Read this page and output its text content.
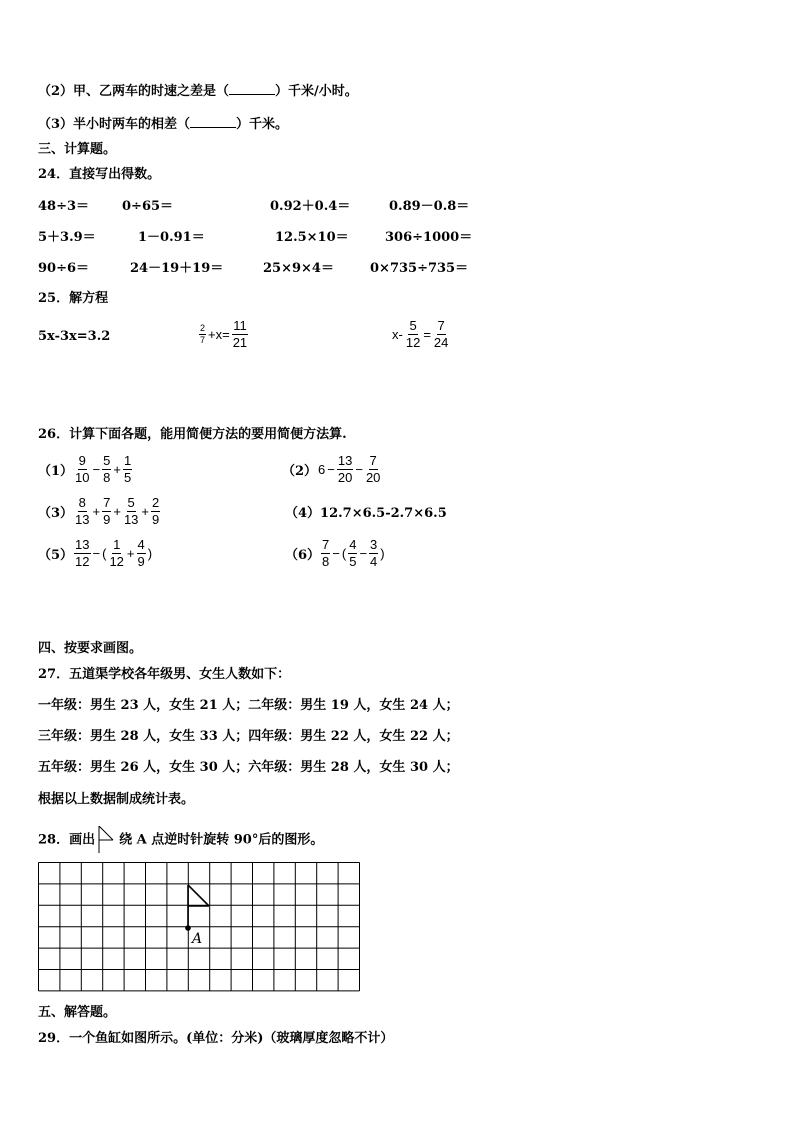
（2）甲、乙两车的时速之差是（	）千米/小时。
（3）半小时两车的相差（	）千米。
三、计算题。
24．直接写出得数。
48÷3＝	0÷65＝	0.92＋0.4＝	0.89－0.8＝
5＋3.9＝	1－0.91＝	12.5×10＝	306÷1000＝
90÷6＝	24－19＋19＝	25×9×4＝	0×735÷735＝
25．解方程
5x-3x=3.2	$\frac{2}{7} +x= \frac{11}{21}$	$x- \frac{5}{12} = \frac{7}{24}$
26．计算下面各题，能用简便方法的要用简便方法算.
$(1) \frac{9}{10} - \frac{5}{8} + \frac{1}{5}$	（2） $6 - \frac{13}{20} - \frac{7}{20}$
$(3) \frac{8}{13} + \frac{7}{9} + \frac{5}{13} + \frac{2}{9}$	（4）12.7×6.5-2.7×6.5
$(5) \frac{13}{12}$ − ( $\frac{1}{12} + \frac{4}{9}$ )	$(6) \frac{7}{8}$ − ( $\frac{4}{5} - \frac{3}{4}$ )
四、按要求画图。
27．五道渠学校各年级男、女生人数如下：
一年级：男生 23 人，女生 21 人；二年级：男生 19 人，女生 24 人；
三年级：男生 28 人，女生 33 人；四年级：男生 22 人，女生 22 人；
五年级：男生 26 人，女生 30 人；六年级：男生 28 人，女生 30 人；
根据以上数据制成统计表。
28．画出 绕 A 点逆时针旋转 90°后的图形。
A
五、解答题。
29．一个鱼缸如图所示。(单位：分米)（玻璃厚度忽略不计）
